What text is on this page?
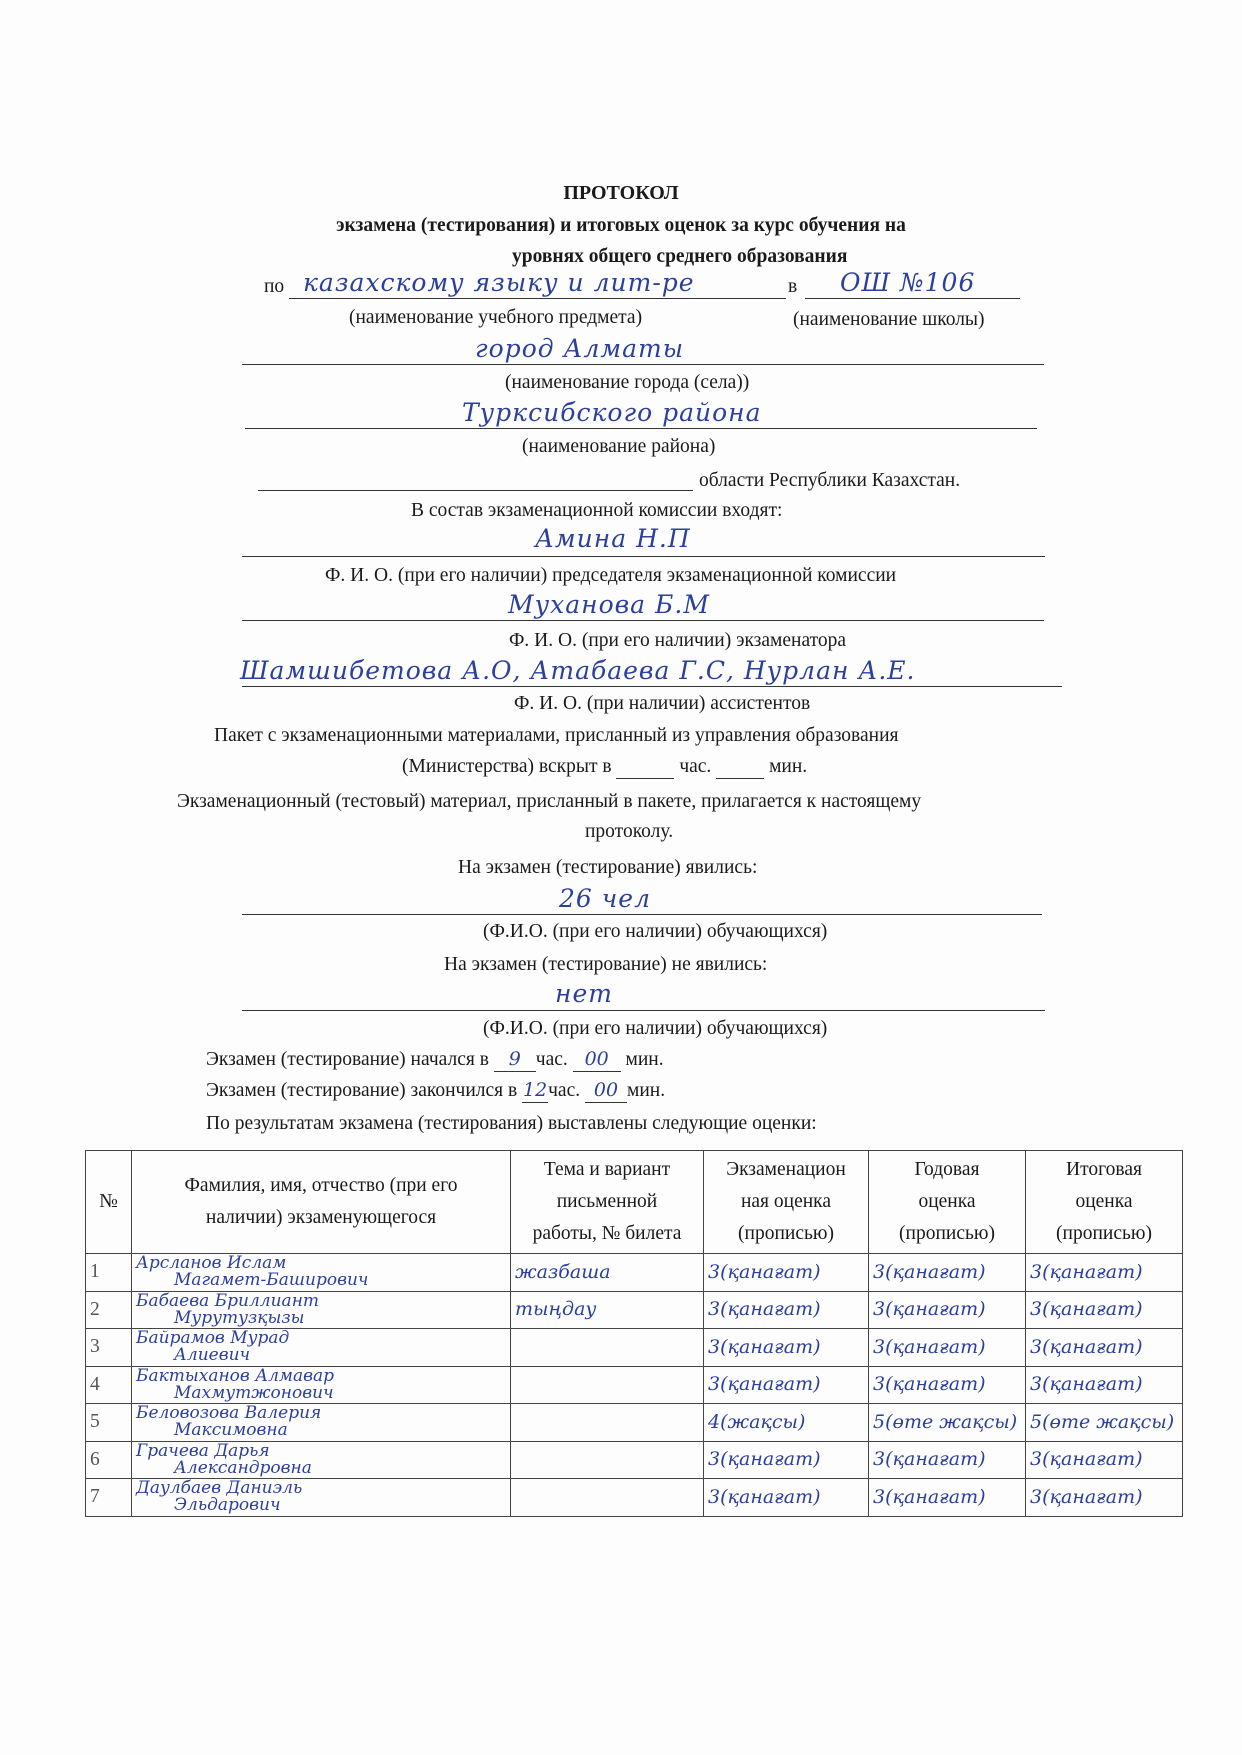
ПРОТОКОЛ
экзамена (тестирования) и итоговых оценок за курс обучения на
уровнях общего среднего образования
по казахскому языку и лит-ре	в ОШ №106
(наименование учебного предмета)	(наименование школы)
город Алматы
(наименование города (села))
Турксибского района
(наименование района)
области Республики Казахстан.
В состав экзаменационной комиссии входят:
Амина Н.П
Ф. И. О. (при его наличии) председателя экзаменационной комиссии
Муханова Б.М
Ф. И. О. (при его наличии) экзаменатора
Шамшибетова А.О, Атабаева Г.С, Нурлан А.Е.
Ф. И. О. (при наличии) ассистентов
Пакет с экзаменационными материалами, присланный из управления образования
(Министерства) вскрыт в	час.	мин.
Экзаменационный (тестовый) материал, присланный в пакете, прилагается к настоящему
протоколу.
На экзамен (тестирование) явились:
26 чел
(Ф.И.О. (при его наличии) обучающихся)
На экзамен (тестирование) не явились:
нет
(Ф.И.О. (при его наличии) обучающихся)
Экзамен (тестирование) начался в 9 час. 00 мин.
Экзамен (тестирование) закончился в 12час. 00 мин.
По результатам экзамена (тестирования) выставлены следующие оценки:
№	Фамилия, имя, отчество (при его
наличии) экзаменующегося	Тема и вариант
письменной
работы, № билета	Экзаменацион
ная оценка
(прописью)	Годовая
оценка
(прописью)	Итоговая
оценка
(прописью)
1	Арсланов Ислам
Магамет-Баширович	жазбаша	3(қанағат)	3(қанағат)	3(қанағат)
2	Бабаева Бриллиант
Мурутузқызы	тыңдау	3(қанағат)	3(қанағат)	3(қанағат)
3	Байрамов Мурад
Алиевич		3(қанағат)	3(қанағат)	3(қанағат)
4	Бактыханов Алмавар
Махмутжонович		3(қанағат)	3(қанағат)	3(қанағат)
5	Беловозова Валерия
Максимовна		4(жақсы)	5(өте жақсы)	5(өте жақсы)
6	Грачева Дарья
Александровна		3(қанағат)	3(қанағат)	3(қанағат)
7	Даулбаев Даниэль
Эльдарович		3(қанағат)	3(қанағат)	3(қанағат)
